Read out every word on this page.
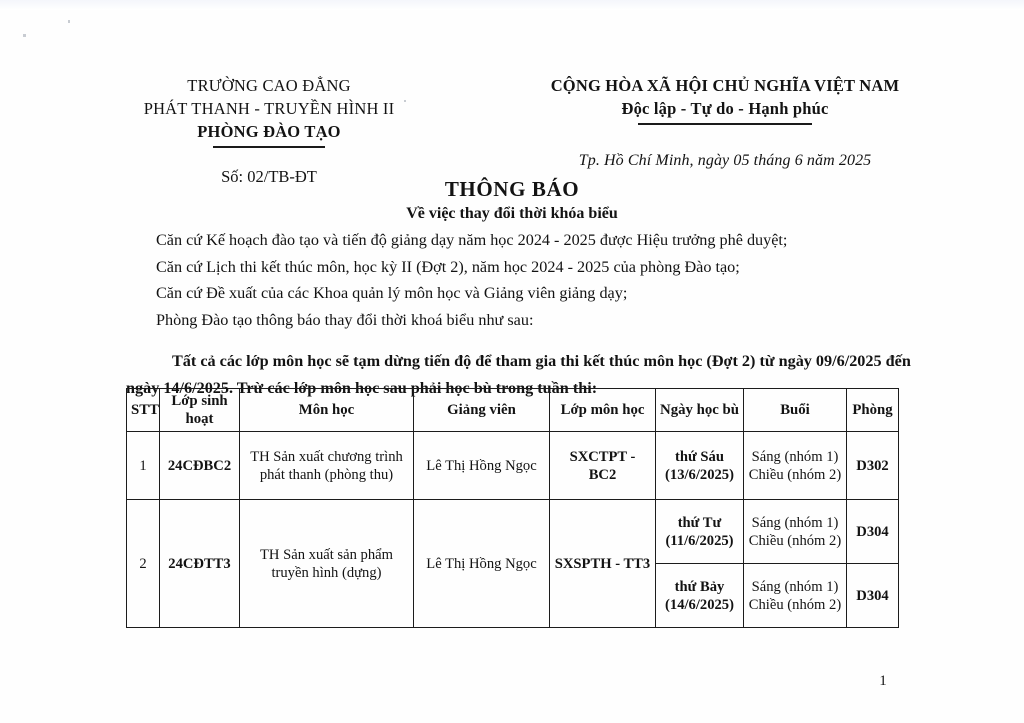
TRƯỜNG CAO ĐẲNG
PHÁT THANH - TRUYỀN HÌNH II
PHÒNG ĐÀO TẠO
Số: 02/TB-ĐT
CỘNG HÒA XÃ HỘI CHỦ NGHĨA VIỆT NAM
Độc lập - Tự do - Hạnh phúc
Tp. Hồ Chí Minh, ngày 05 tháng 6 năm 2025
THÔNG BÁO
Về việc thay đổi thời khóa biểu

Căn cứ Kế hoạch đào tạo và tiến độ giảng dạy năm học 2024 - 2025 được Hiệu trưởng phê duyệt;

Căn cứ Lịch thi kết thúc môn, học kỳ II (Đợt 2), năm học 2024 - 2025 của phòng Đào tạo;

Căn cứ Đề xuất của các Khoa quản lý môn học và Giảng viên giảng dạy;

Phòng Đào tạo thông báo thay đổi thời khoá biểu như sau:

Tất cả các lớp môn học sẽ tạm dừng tiến độ để tham gia thi kết thúc môn học (Đợt 2) từ ngày 09/6/2025 đến ngày 14/6/2025. Trừ các lớp môn học sau phải học bù trong tuần thi:

STT	Lớp sinh hoạt	Môn học	Giảng viên	Lớp môn học	Ngày học bù	Buổi	Phòng
1	24CĐBC2	TH Sản xuất chương trình phát thanh (phòng thu)	Lê Thị Hồng Ngọc	SXCTPT - BC2	thứ Sáu (13/6/2025)	Sáng (nhóm 1)
Chiều (nhóm 2)	D302
2	24CĐTT3	TH Sản xuất sản phẩm truyền hình (dựng)	Lê Thị Hồng Ngọc	SXSPTH - TT3	thứ Tư (11/6/2025)	Sáng (nhóm 1)
Chiều (nhóm 2)	D304
					thứ Bảy (14/6/2025)	Sáng (nhóm 1)
Chiều (nhóm 2)	D304
1
